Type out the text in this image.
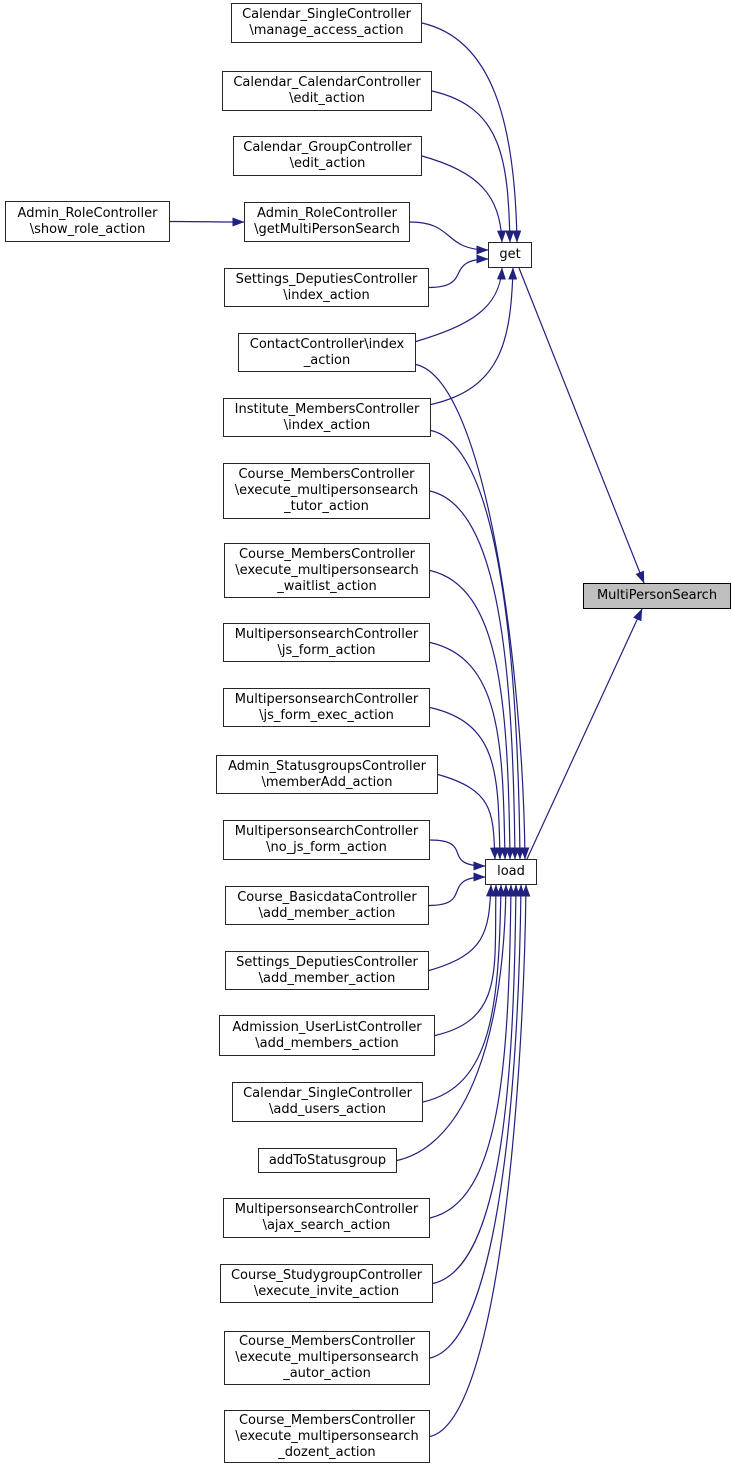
Admin_RoleController
\show_role_action
Calendar_SingleController
\manage_access_action
Calendar_CalendarController
\edit_action
Calendar_GroupController
\edit_action
Admin_RoleController
\getMultiPersonSearch
Settings_DeputiesController
\index_action
ContactController\index
_action
Institute_MembersController
\index_action
Course_MembersController
\execute_multipersonsearch
_tutor_action
Course_MembersController
\execute_multipersonsearch
_waitlist_action
MultipersonsearchController
\js_form_action
MultipersonsearchController
\js_form_exec_action
Admin_StatusgroupsController
\memberAdd_action
MultipersonsearchController
\no_js_form_action
Course_BasicdataController
\add_member_action
Settings_DeputiesController
\add_member_action
Admission_UserListController
\add_members_action
Calendar_SingleController
\add_users_action
addToStatusgroup
MultipersonsearchController
\ajax_search_action
Course_StudygroupController
\execute_invite_action
Course_MembersController
\execute_multipersonsearch
_autor_action
Course_MembersController
\execute_multipersonsearch
_dozent_action
get
load
MultiPersonSearch
